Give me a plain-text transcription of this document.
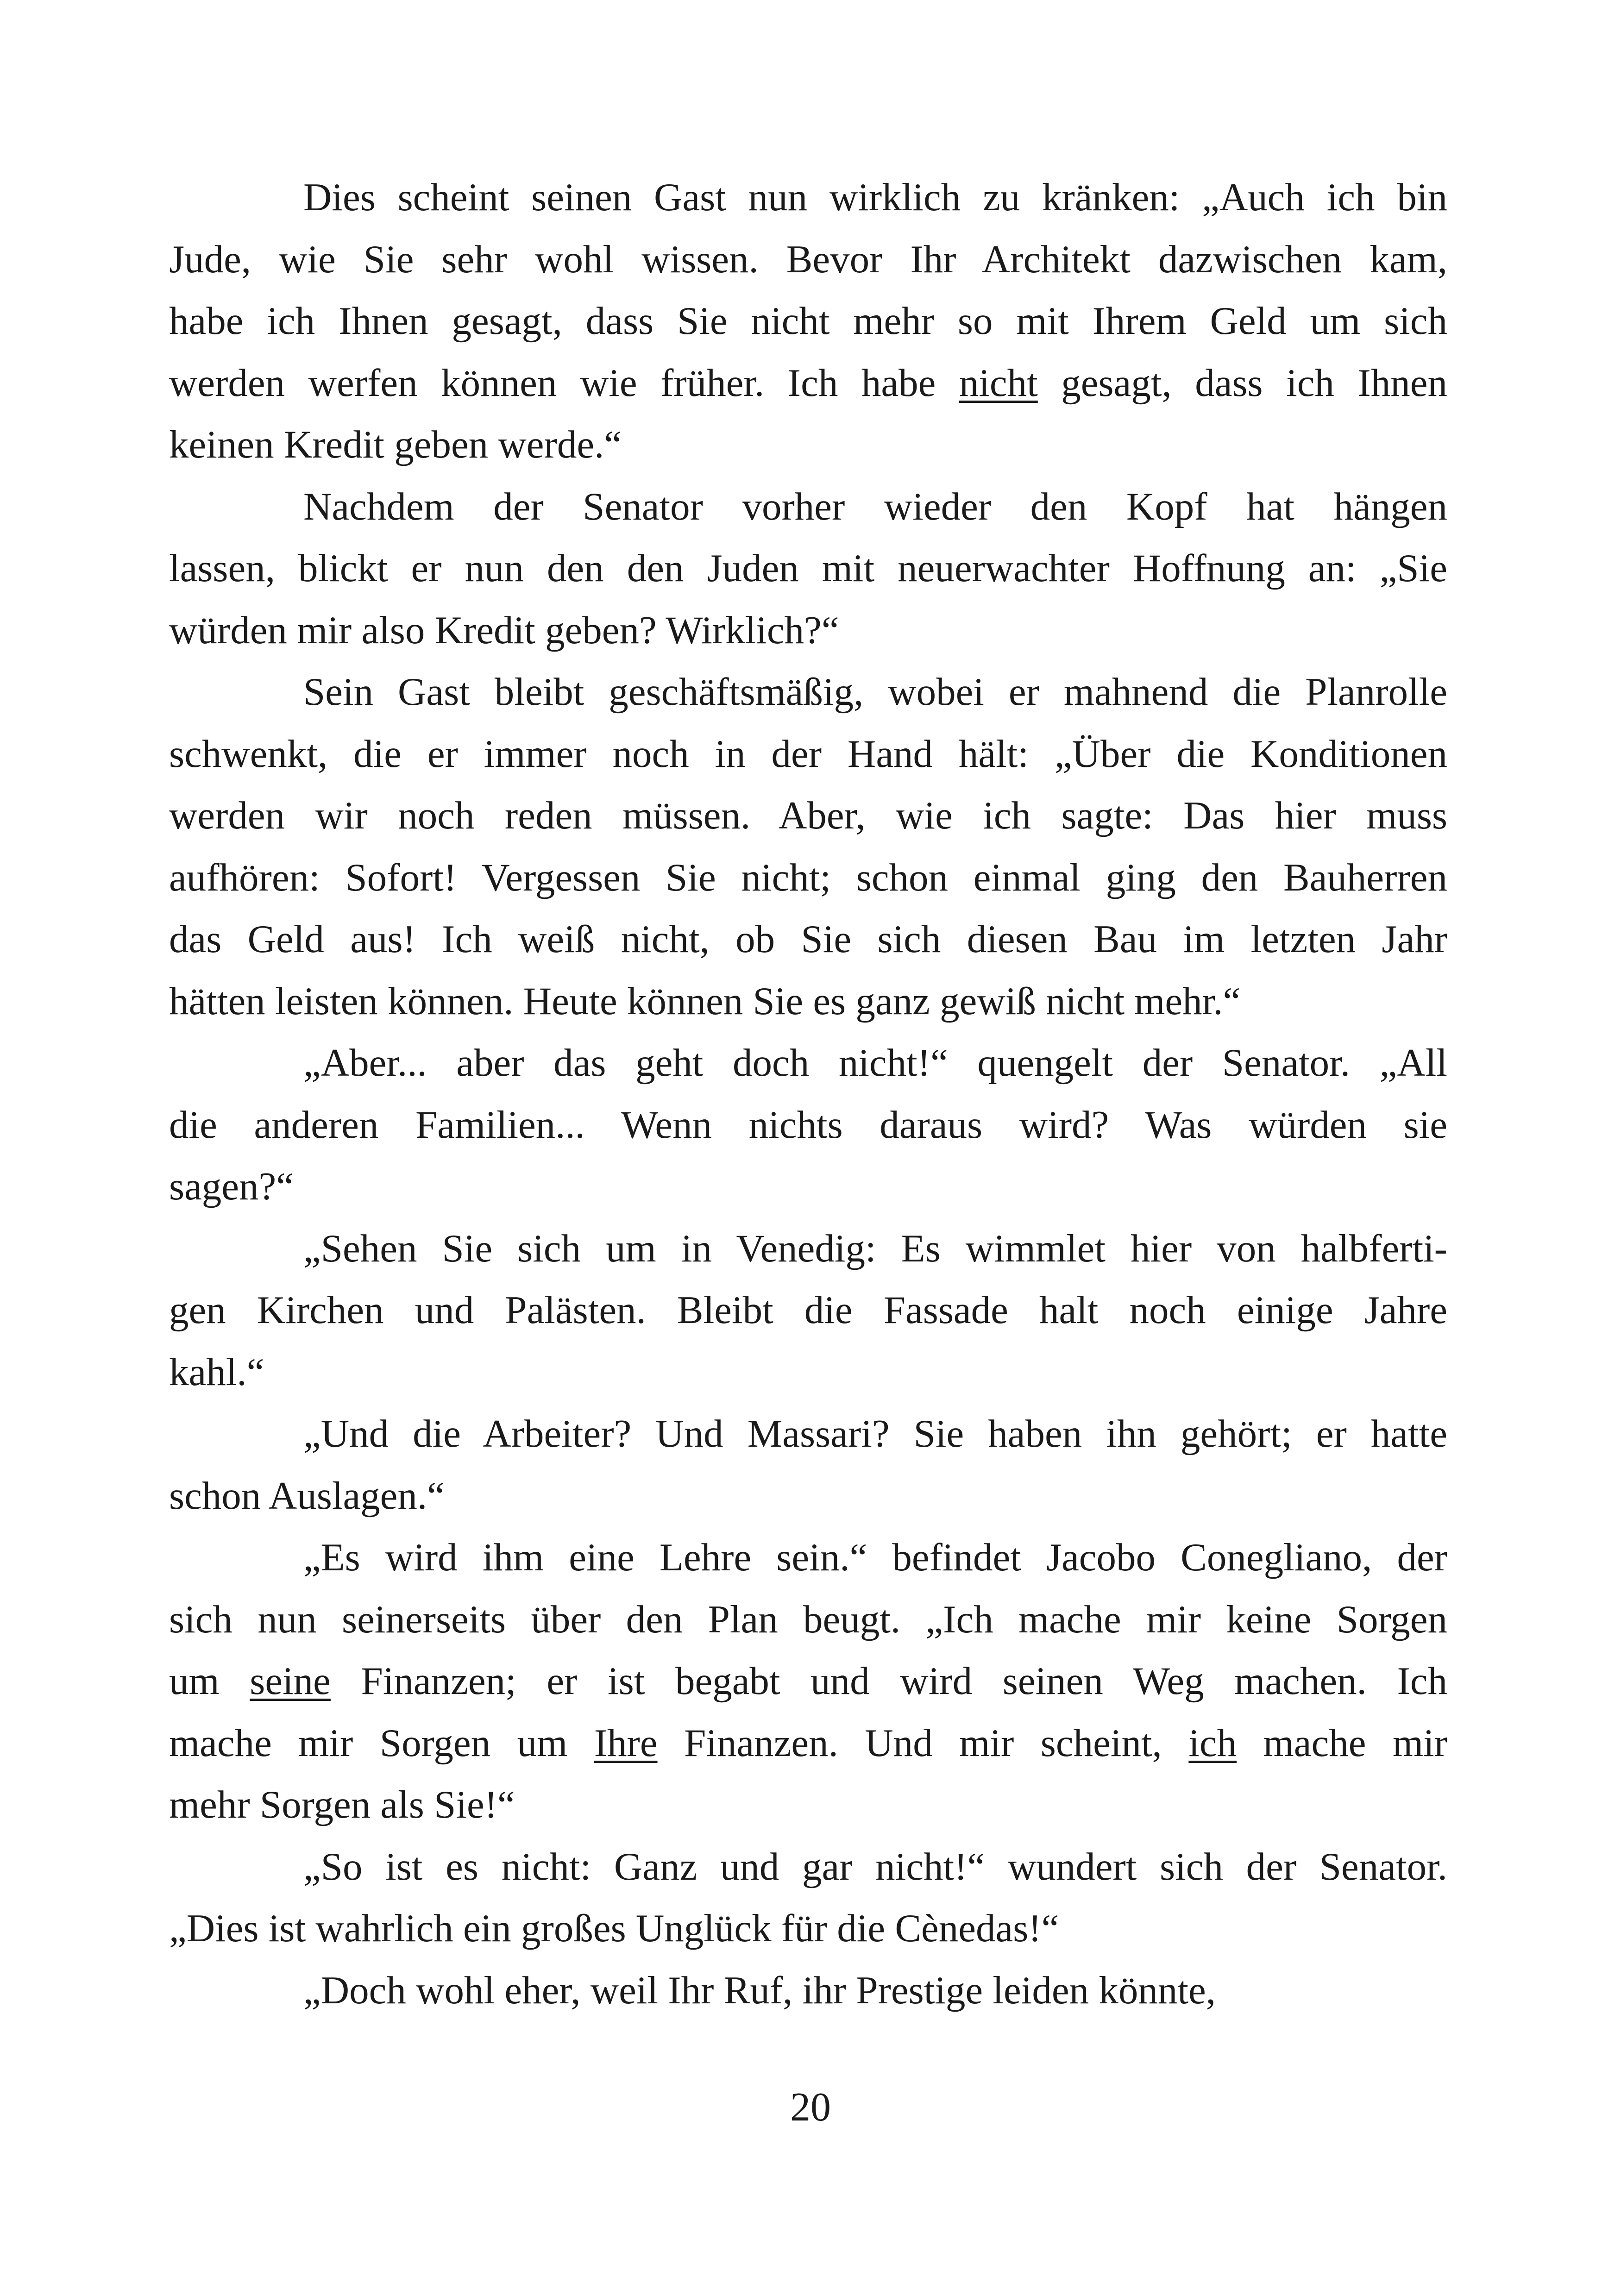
Dies scheint seinen Gast nun wirklich zu kränken: „Auch ich bin
Jude, wie Sie sehr wohl wissen. Bevor Ihr Architekt dazwischen kam,
habe ich Ihnen gesagt, dass Sie nicht mehr so mit Ihrem Geld um sich
werden werfen können wie früher. Ich habe nicht gesagt, dass ich Ihnen
keinen Kredit geben werde.“
Nachdem der Senator vorher wieder den Kopf hat hängen
lassen, blickt er nun den den Juden mit neuerwachter Hoffnung an: „Sie
würden mir also Kredit geben? Wirklich?“
Sein Gast bleibt geschäftsmäßig, wobei er mahnend die Planrolle
schwenkt, die er immer noch in der Hand hält: „Über die Konditionen
werden wir noch reden müssen. Aber, wie ich sagte: Das hier muss
aufhören: Sofort! Vergessen Sie nicht; schon einmal ging den Bauherren
das Geld aus! Ich weiß nicht, ob Sie sich diesen Bau im letzten Jahr
hätten leisten können. Heute können Sie es ganz gewiß nicht mehr.“
„Aber... aber das geht doch nicht!“ quengelt der Senator. „All
die anderen Familien... Wenn nichts daraus wird? Was würden sie
sagen?“
„Sehen Sie sich um in Venedig: Es wimmlet hier von halbferti-
gen Kirchen und Palästen. Bleibt die Fassade halt noch einige Jahre
kahl.“
„Und die Arbeiter? Und Massari? Sie haben ihn gehört; er hatte
schon Auslagen.“
„Es wird ihm eine Lehre sein.“ befindet Jacobo Conegliano, der
sich nun seinerseits über den Plan beugt. „Ich mache mir keine Sorgen
um seine Finanzen; er ist begabt und wird seinen Weg machen. Ich
mache mir Sorgen um Ihre Finanzen. Und mir scheint, ich mache mir
mehr Sorgen als Sie!“
„So ist es nicht: Ganz und gar nicht!“ wundert sich der Senator.
„Dies ist wahrlich ein großes Unglück für die Cènedas!“
„Doch wohl eher, weil Ihr Ruf, ihr Prestige leiden könnte,
20
